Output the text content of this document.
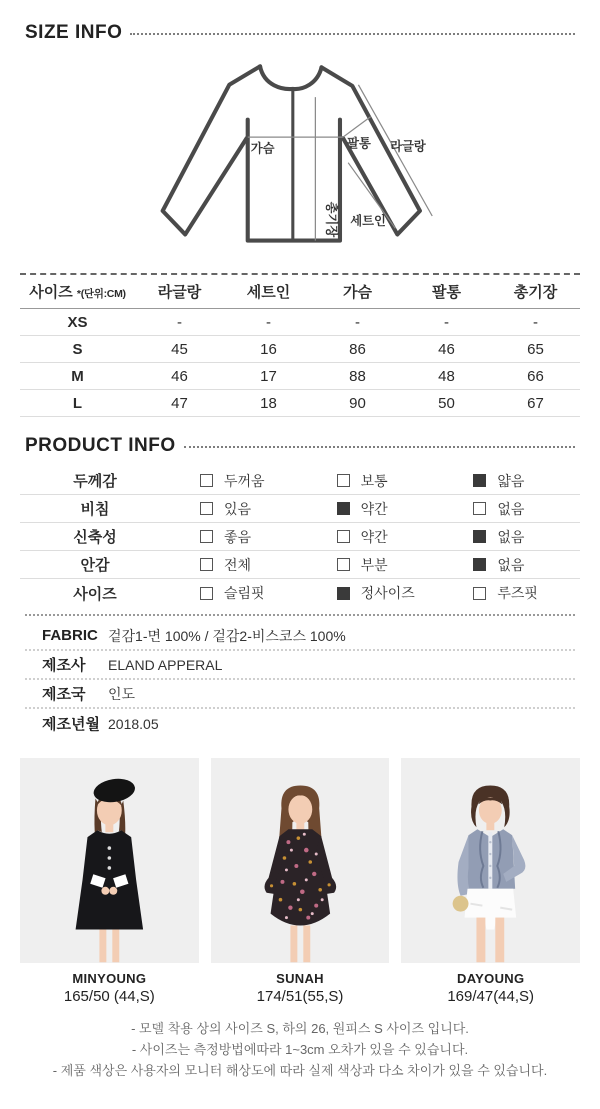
SIZE INFO
가슴	팔통 라글랑
세트인
총기장
사이즈 *(단위:CM)	라글랑	세트인	가슴	팔통	총기장
XS	-	-	-	-	-
S	45	16	86	46	65
M	46	17	88	48	66
L	47	18	90	50	67
PRODUCT INFO
두께감	두꺼움	보통	얇음
비침	있음	약간	없음
신축성	좋음	약간	없음
안감	전체	부분	없음
사이즈	슬림핏	정사이즈	루즈핏
FABRIC 겉감1-면 100% / 겉감2-비스코스 100%
제조사	ELAND APPERAL
제조국	인도
제조년월 2018.05
MINYOUNG
165/50 (44,S)
SUNAH
174/51(55,S)
DAYOUNG
169/47(44,S)
- 모델 착용 상의 사이즈 S, 하의 26, 원피스 S 사이즈 입니다.
- 사이즈는 측정방법에따라 1~3cm 오차가 있을 수 있습니다.
- 제품 색상은 사용자의 모니터 해상도에 따라 실제 색상과 다소 차이가 있을 수 있습니다.
